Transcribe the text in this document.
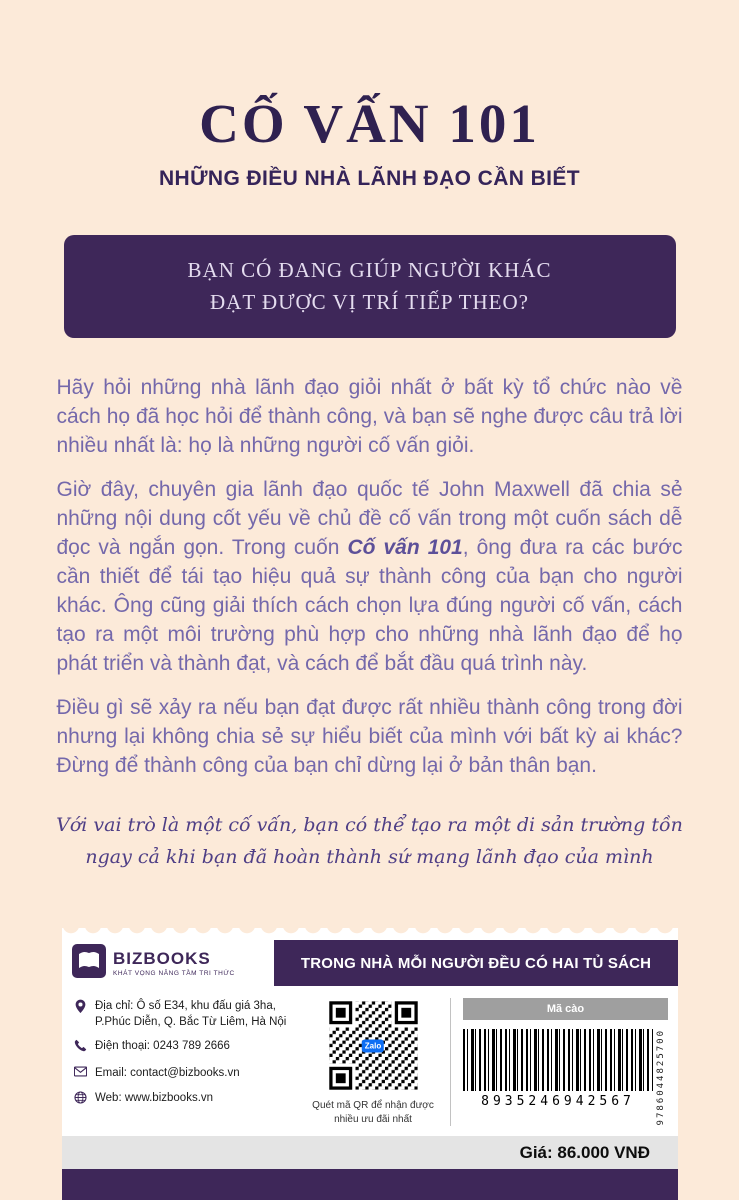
CỐ VẤN 101
NHỮNG ĐIỀU NHÀ LÃNH ĐẠO CẦN BIẾT
BẠN CÓ ĐANG GIÚP NGƯỜI KHÁC
ĐẠT ĐƯỢC VỊ TRÍ TIẾP THEO?

Hãy hỏi những nhà lãnh đạo giỏi nhất ở bất kỳ tổ chức nào về cách họ đã học hỏi để thành công, và bạn sẽ nghe được câu trả lời nhiều nhất là: họ là những người cố vấn giỏi.

Giờ đây, chuyên gia lãnh đạo quốc tế John Maxwell đã chia sẻ những nội dung cốt yếu về chủ đề cố vấn trong một cuốn sách dễ đọc và ngắn gọn. Trong cuốn Cố vấn 101, ông đưa ra các bước cần thiết để tái tạo hiệu quả sự thành công của bạn cho người khác. Ông cũng giải thích cách chọn lựa đúng người cố vấn, cách tạo ra một môi trường phù hợp cho những nhà lãnh đạo để họ phát triển và thành đạt, và cách để bắt đầu quá trình này.

Điều gì sẽ xảy ra nếu bạn đạt được rất nhiều thành công trong đời nhưng lại không chia sẻ sự hiểu biết của mình với bất kỳ ai khác? Đừng để thành công của bạn chỉ dừng lại ở bản thân bạn.

Với vai trò là một cố vấn, bạn có thể tạo ra một di sản trường tồn
ngay cả khi bạn đã hoàn thành sứ mạng lãnh đạo của mình
BIZBOOKS
KHÁT VỌNG NÂNG TẦM TRI THỨC
TRONG NHÀ MỖI NGƯỜI ĐỀU CÓ HAI TỦ SÁCH
Địa chỉ: Ô số E34, khu đấu giá 3ha,
P.Phúc Diễn, Q. Bắc Từ Liêm, Hà Nội
Điện thoại: 0243 789 2666
Email: contact@bizbooks.vn
Web: www.bizbooks.vn
Zalo
Quét mã QR để nhận được nhiều ưu đãi nhất
Mã cào
8935246942567	9786044825700
Giá: 86.000 VNĐ
